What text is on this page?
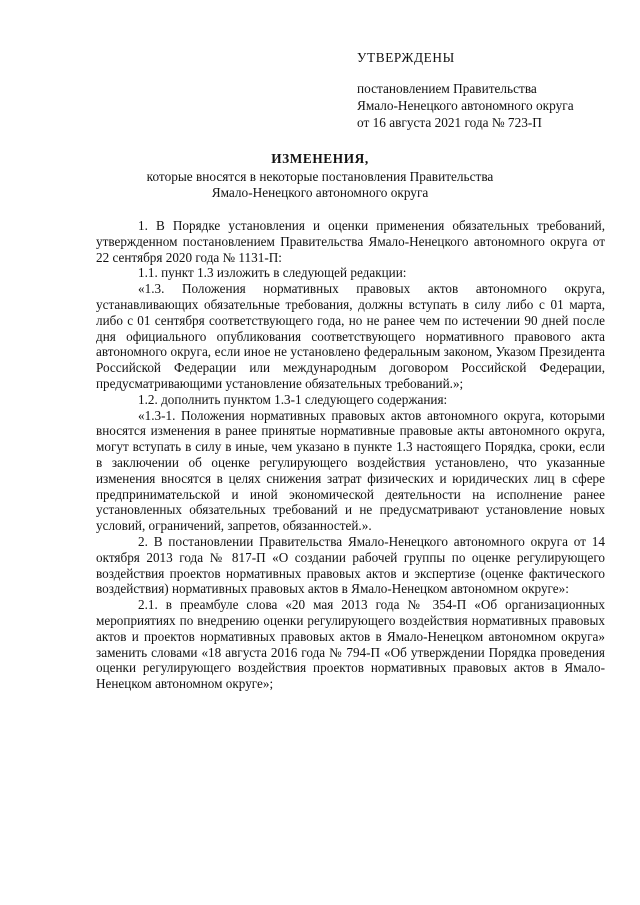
УТВЕРЖДЕНЫ
постановлением Правительства
Ямало-Ненецкого автономного округа
от 16 августа 2021 года № 723-П
ИЗМЕНЕНИЯ,
которые вносятся в некоторые постановления Правительства
Ямало-Ненецкого автономного округа

1. В Порядке установления и оценки применения обязательных требований, утвержденном постановлением Правительства Ямало-Ненецкого автономного округа от 22 сентября 2020 года № 1131-П:

1.1. пункт 1.3 изложить в следующей редакции:

«1.3. Положения нормативных правовых актов автономного округа, устанавливающих обязательные требования, должны вступать в силу либо с 01 марта, либо с 01 сентября соответствующего года, но не ранее чем по истечении 90 дней после дня официального опубликования соответствующего нормативного правового акта автономного округа, если иное не установлено федеральным законом, Указом Президента Российской Федерации или международным договором Российской Федерации, предусматривающими установление обязательных требований.»;

1.2. дополнить пунктом 1.3-1 следующего содержания:

«1.3-1. Положения нормативных правовых актов автономного округа, которыми вносятся изменения в ранее принятые нормативные правовые акты автономного округа, могут вступать в силу в иные, чем указано в пункте 1.3 настоящего Порядка, сроки, если в заключении об оценке регулирующего воздействия установлено, что указанные изменения вносятся в целях снижения затрат физических и юридических лиц в сфере предпринимательской и иной экономической деятельности на исполнение ранее установленных обязательных требований и не предусматривают установление новых условий, ограничений, запретов, обязанностей.».

2. В постановлении Правительства Ямало-Ненецкого автономного округа от 14 октября 2013 года № 817-П «О создании рабочей группы по оценке регулирующего воздействия проектов нормативных правовых актов и экспертизе (оценке фактического воздействия) нормативных правовых актов в Ямало-Ненецком автономном округе»:

2.1. в преамбуле слова «20 мая 2013 года № 354-П «Об организационных мероприятиях по внедрению оценки регулирующего воздействия нормативных правовых актов и проектов нормативных правовых актов в Ямало-Ненецком автономном округа» заменить словами «18 августа 2016 года № 794-П «Об утверждении Порядка проведения оценки регулирующего воздействия проектов нормативных правовых актов в Ямало-Ненецком автономном округе»;
